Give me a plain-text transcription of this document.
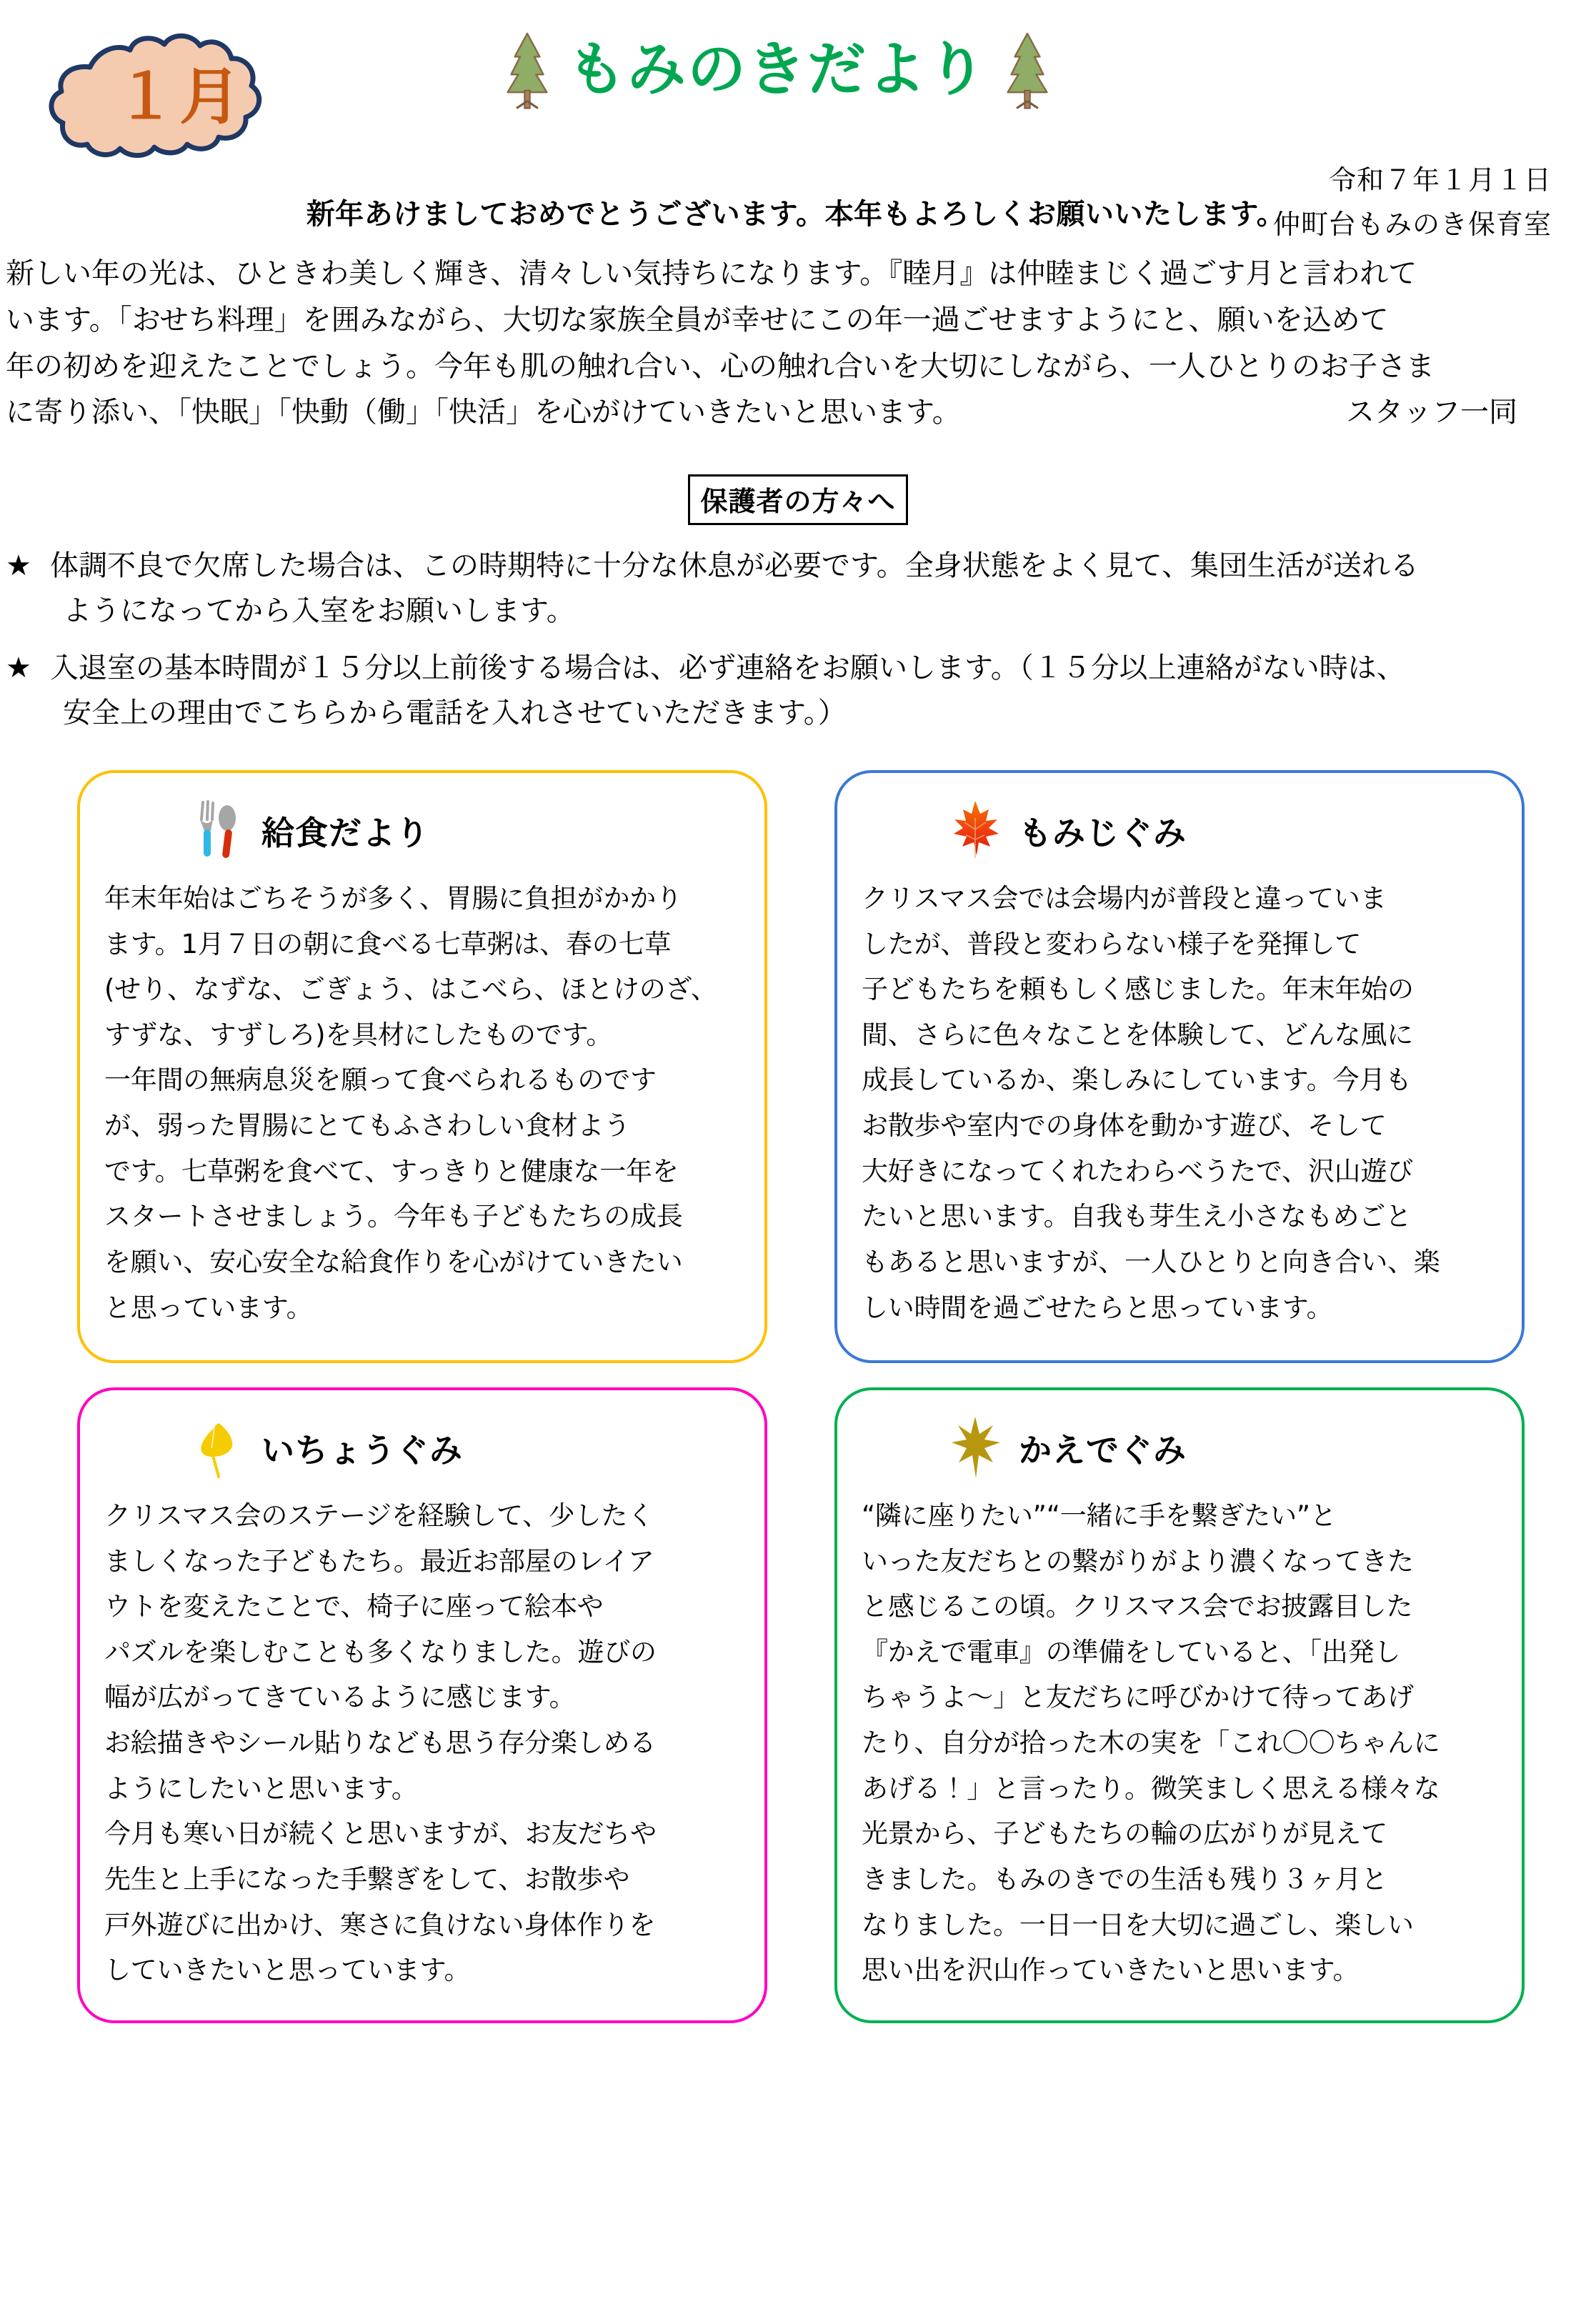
１月	もみのきだより
令和７年１月１日
仲町台もみのき保育室
新年あけましておめでとうございます。本年もよろしくお願いいたします。
新しい年の光は、ひときわ美しく輝き、清々しい気持ちになります。『睦月』は仲睦まじく過ごす月と言われて
います。「おせち料理」を囲みながら、大切な家族全員が幸せにこの年一過ごせますようにと、願いを込めて
年の初めを迎えたことでしょう。今年も肌の触れ合い、心の触れ合いを大切にしながら、一人ひとりのお子さま
に寄り添い、「快眠」「快動（働」「快活」を心がけていきたいと思います。	スタッフ一同
保護者の方々へ
★ 体調不良で欠席した場合は、この時期特に十分な休息が必要です。全身状態をよく見て、集団生活が送れる
ようになってから入室をお願いします。
★ 入退室の基本時間が１５分以上前後する場合は、必ず連絡をお願いします。（１５分以上連絡がない時は、
安全上の理由でこちらから電話を入れさせていただきます。）
給食だより
年末年始はごちそうが多く、胃腸に負担がかかり
ます。1月７日の朝に食べる七草粥は、春の七草
(せり、なずな、ごぎょう、はこべら、ほとけのざ、
すずな、すずしろ)を具材にしたものです。
一年間の無病息災を願って食べられるものです
が、弱った胃腸にとてもふさわしい食材よう
です。七草粥を食べて、すっきりと健康な一年を
スタートさせましょう。今年も子どもたちの成長
を願い、安心安全な給食作りを心がけていきたい
と思っています。
もみじぐみ
クリスマス会では会場内が普段と違っていま
したが、普段と変わらない様子を発揮して
子どもたちを頼もしく感じました。年末年始の
間、さらに色々なことを体験して、どんな風に
成長しているか、楽しみにしています。今月も
お散歩や室内での身体を動かす遊び、そして
大好きになってくれたわらべうたで、沢山遊び
たいと思います。自我も芽生え小さなもめごと
もあると思いますが、一人ひとりと向き合い、楽
しい時間を過ごせたらと思っています。
いちょうぐみ
クリスマス会のステージを経験して、少したく
ましくなった子どもたち。最近お部屋のレイア
ウトを変えたことで、椅子に座って絵本や
パズルを楽しむことも多くなりました。遊びの
幅が広がってきているように感じます。
お絵描きやシール貼りなども思う存分楽しめる
ようにしたいと思います。
今月も寒い日が続くと思いますが、お友だちや
先生と上手になった手繋ぎをして、お散歩や
戸外遊びに出かけ、寒さに負けない身体作りを
していきたいと思っています。
かえでぐみ
“隣に座りたい”“一緒に手を繋ぎたい”と
いった友だちとの繋がりがより濃くなってきた
と感じるこの頃。クリスマス会でお披露目した
『かえで電車』の準備をしていると、「出発し
ちゃうよ〜」と友だちに呼びかけて待ってあげ
たり、自分が拾った木の実を「これ〇〇ちゃんに
あげる！」と言ったり。微笑ましく思える様々な
光景から、子どもたちの輪の広がりが見えて
きました。もみのきでの生活も残り３ヶ月と
なりました。一日一日を大切に過ごし、楽しい
思い出を沢山作っていきたいと思います。
